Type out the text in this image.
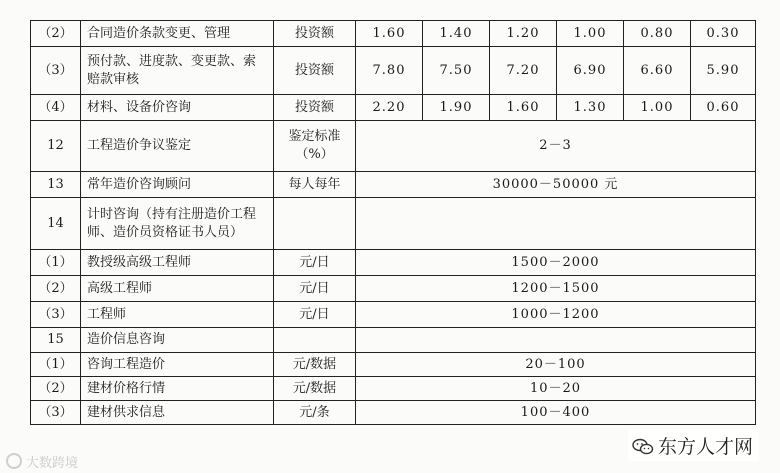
（2）	合同造价条款变更、管理	投资额	1.60	1.40	1.20	1.00	0.80	0.30
（3）	预付款、进度款、变更款、索赔款审核	投资额	7.80	7.50	7.20	6.90	6.60	5.90
（4）	材料、设备价咨询	投资额	2.20	1.90	1.60	1.30	1.00	0.60
12	工程造价争议鉴定	鉴定标准（%）	2－3					
13	常年造价咨询顾问	每人每年	30000－50000 元					
14	计时咨询（持有注册造价工程师、造价员资格证书人员）							
（1）	教授级高级工程师	元/日	1500－2000					
（2）	高级工程师	元/日	1200－1500					
（3）	工程师	元/日	1000－1200					
15	造价信息咨询							
（1）	咨询工程造价	元/数据	20－100					
（2）	建材价格行情	元/数据	10－20					
（3）	建材供求信息	元/条	100－400					
大数跨境
东方人才网
